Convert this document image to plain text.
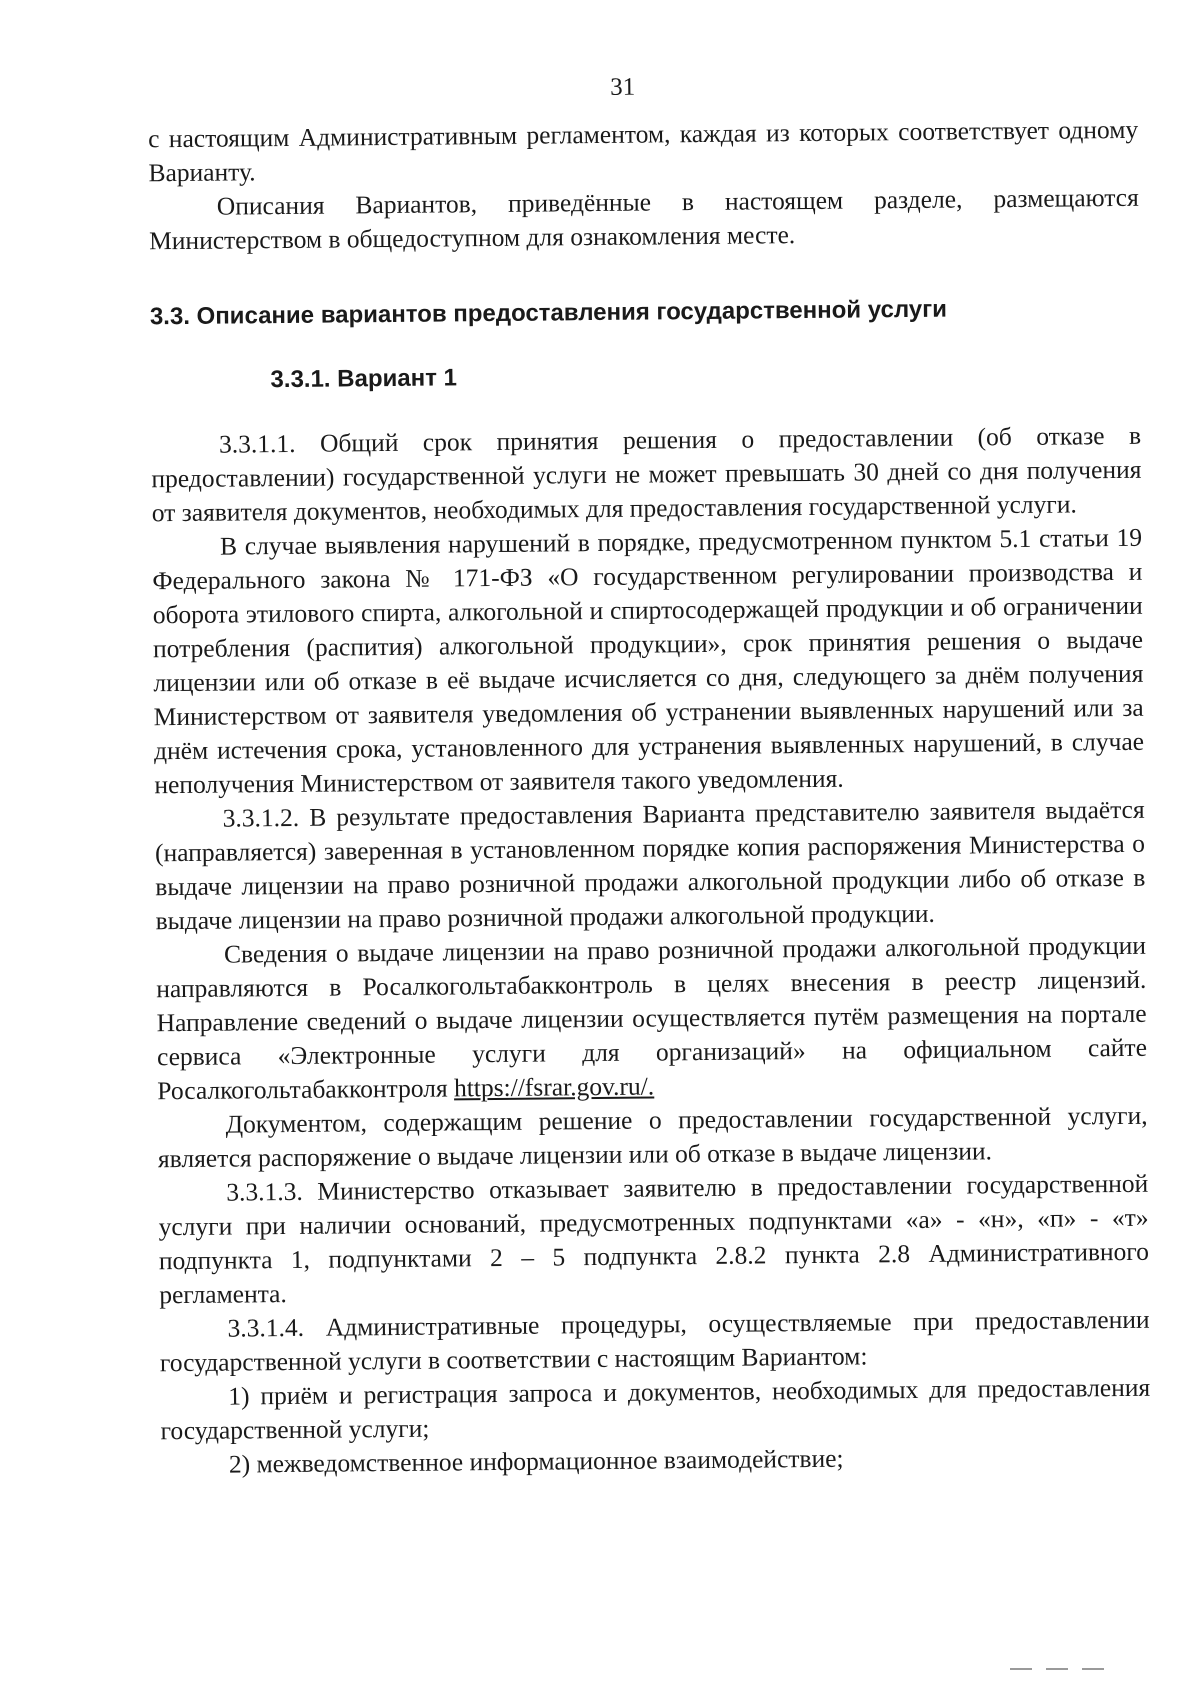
31

с настоящим Административным регламентом, каждая из которых соответствует одному Варианту.

Описания Вариантов, приведённые в настоящем разделе, размещаются Министерством в общедоступном для ознакомления месте.

3.3. Описание вариантов предоставления государственной услуги

3.3.1. Вариант 1

3.3.1.1. Общий срок принятия решения о предоставлении (об отказе в предоставлении) государственной услуги не может превышать 30 дней со дня получения от заявителя документов, необходимых для предоставления государственной услуги.

В случае выявления нарушений в порядке, предусмотренном пунктом 5.1 статьи 19 Федерального закона № 171-ФЗ «О государственном регулировании производства и оборота этилового спирта, алкогольной и спиртосодержащей продукции и об ограничении потребления (распития) алкогольной продукции», срок принятия решения о выдаче лицензии или об отказе в её выдаче исчисляется со дня, следующего за днём получения Министерством от заявителя уведомления об устранении выявленных нарушений или за днём истечения срока, установленного для устранения выявленных нарушений, в случае неполучения Министерством от заявителя такого уведомления.

3.3.1.2. В результате предоставления Варианта представителю заявителя выдаётся (направляется) заверенная в установленном порядке копия распоряжения Министерства о выдаче лицензии на право розничной продажи алкогольной продукции либо об отказе в выдаче лицензии на право розничной продажи алкогольной продукции.

Сведения о выдаче лицензии на право розничной продажи алкогольной продукции направляются в Росалкогольтабакконтроль в целях внесения в реестр лицензий. Направление сведений о выдаче лицензии осуществляется путём размещения на портале сервиса «Электронные услуги для организаций» на официальном сайте Росалкогольтабакконтроля https://fsrar.gov.ru/.

Документом, содержащим решение о предоставлении государственной услуги, является распоряжение о выдаче лицензии или об отказе в выдаче лицензии.

3.3.1.3. Министерство отказывает заявителю в предоставлении государственной услуги при наличии оснований, предусмотренных подпунктами «а» - «н», «п» - «т» подпункта 1, подпунктами 2 – 5 подпункта 2.8.2 пункта 2.8 Административного регламента.

3.3.1.4. Административные процедуры, осуществляемые при предоставлении государственной услуги в соответствии с настоящим Вариантом:

1) приём и регистрация запроса и документов, необходимых для предоставления государственной услуги;

2) межведомственное информационное взаимодействие;
